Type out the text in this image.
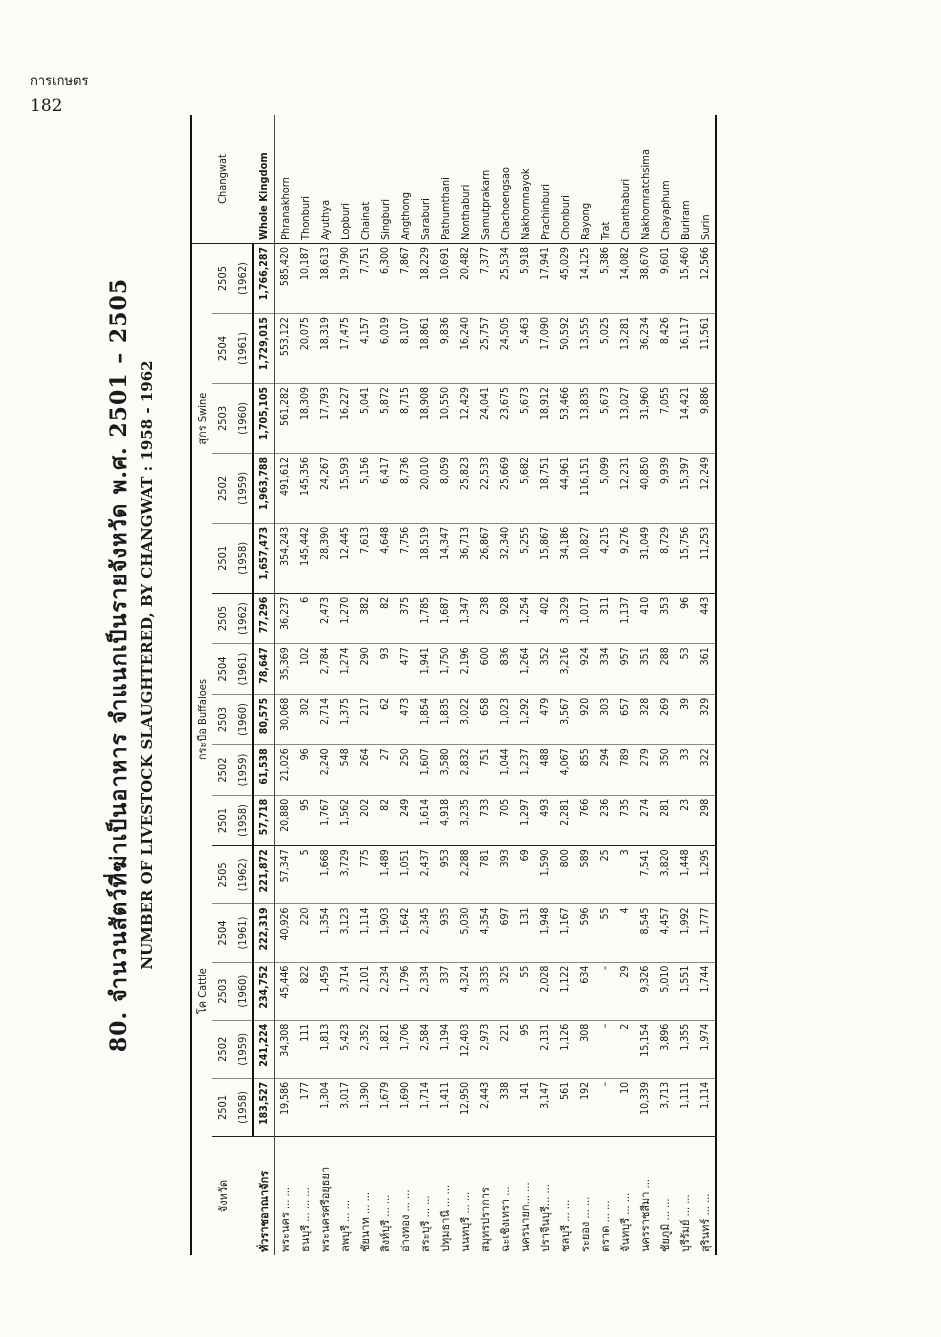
การเกษตร
182
80. จำนวนสัตว์ที่ฆ่าเป็นอาหาร จำแนกเป็นรายจังหวัด พ.ศ. 2501 – 2505 NUMBER OF LIVESTOCK SLAUGHTERED, BY CHANGWAT : 1958 - 1962
จังหวัด	โค Cattle					กระบือ Buffaloes					สุกร Swine					Changwat
	2501	2502	2503	2504	2505	2501	2502	2503	2504	2505	2501	2502	2503	2504	2505	
	(1958)	(1959)	(1960)	(1961)	(1962)	(1958)	(1959)	(1960)	(1961)	(1962)	(1958)	(1959)	(1960)	(1961)	(1962)	
ทั่วราชอาณาจักร	183,527	241,224	234,752	222,319	221,872	57,718	61,538	80,575	78,647	77,296	1,657,473	1,963,788	1,705,105	1,729,015	1,766,287	Whole Kingdom
พระนคร ... ...	19,586	34,308	45,446	40,926	57,347	20,880	21,026	30,068	35,369	36,237	354,243	491,612	561,282	553,122	585,420	Phranakhorn
ธนบุรี ... ... ...	177	111	822	220	5	95	96	302	102	6	145,442	145,356	18,309	20,075	10,187	Thonburi
พระนครศรีอยุธยา	1,304	1,813	1,459	1,354	1,668	1,767	2,240	2,714	2,784	2,473	28,390	24,267	17,793	18,319	18,613	Ayuthya
ลพบุรี ... ...	3,017	5,423	3,714	3,123	3,729	1,562	548	1,375	1,274	1,270	12,445	15,593	16,227	17,475	19,790	Lopburi
ชัยนาท ... ...	1,390	2,352	2,101	1,114	775	202	264	217	290	382	7,613	5,156	5,041	4,157	7,751	Chainat
สิงห์บุรี ... ...	1,679	1,821	2,234	1,903	1,489	82	27	62	93	82	4,648	6,417	5,872	6,019	6,300	Singburi
อ่างทอง ... ...	1,690	1,706	1,796	1,642	1,051	249	250	473	477	375	7,756	8,736	8,715	8,107	7,867	Angthong
สระบุรี ... ...	1,714	2,584	2,334	2,345	2,437	1,614	1,607	1,854	1,941	1,785	18,519	20,010	18,908	18,861	18,229	Saraburi
ปทุมธานี ... ...	1,411	1,194	337	935	953	4,918	3,580	1,835	1,750	1,687	14,347	8,059	10,550	9,836	10,691	Pathumthani
นนทบุรี ... ...	12,950	12,403	4,324	5,030	2,288	3,235	2,832	3,022	2,196	1,347	36,713	25,823	12,429	16,240	20,482	Nonthaburi
สมุทรปราการ	2,443	2,973	3,335	4,354	781	733	751	658	600	238	26,867	22,533	24,041	25,757	7,377	Samutprakarn
ฉะเชิงเทรา ...	338	221	325	697	393	705	1,044	1,023	836	928	32,340	25,669	23,675	24,505	25,534	Chachoengsao
นครนายก... ...	141	95	55	131	69	1,297	1,237	1,292	1,264	1,254	5,255	5,682	5,673	5,463	5,918	Nakhornnayok
ปราจีนบุรี... ...	3,147	2,131	2,028	1,948	1,590	493	488	479	352	402	15,867	18,751	18,912	17,090	17,941	Prachinburi
ชลบุรี ... ...	561	1,126	1,122	1,167	800	2,281	4,067	3,567	3,216	3,329	34,186	44,961	53,466	50,592	45,029	Chonburi
ระยอง ... ...	192	308	634	596	589	766	855	920	924	1,017	10,827	116,151	13,835	13,555	14,125	Rayong
ตราด ... ...	–	–	–	55	25	236	294	303	334	311	4,215	5,099	5,673	5,025	5,386	Trat
จันทบุรี ... ...	10	2	29	4	3	735	789	657	957	1,137	9,276	12,231	13,027	13,281	14,082	Chanthaburi
นครราชสีมา ...	10,339	15,154	9,326	8,545	7,541	274	279	328	351	410	31,049	40,850	31,960	36,234	38,670	Nakhornratchsima
ชัยภูมิ ... ...	3,713	3,896	5,010	4,457	3,820	281	350	269	288	353	8,729	9,939	7,055	8,426	9,601	Chayaphum
บุรีรัมย์ ... ...	1,111	1,355	1,551	1,992	1,448	23	33	39	53	96	15,756	15,397	14,421	16,117	15,460	Buriram
สุรินทร์ ... ...	1,114	1,974	1,744	1,777	1,295	298	322	329	361	443	11,253	12,249	9,886	11,561	12,566	Surin
